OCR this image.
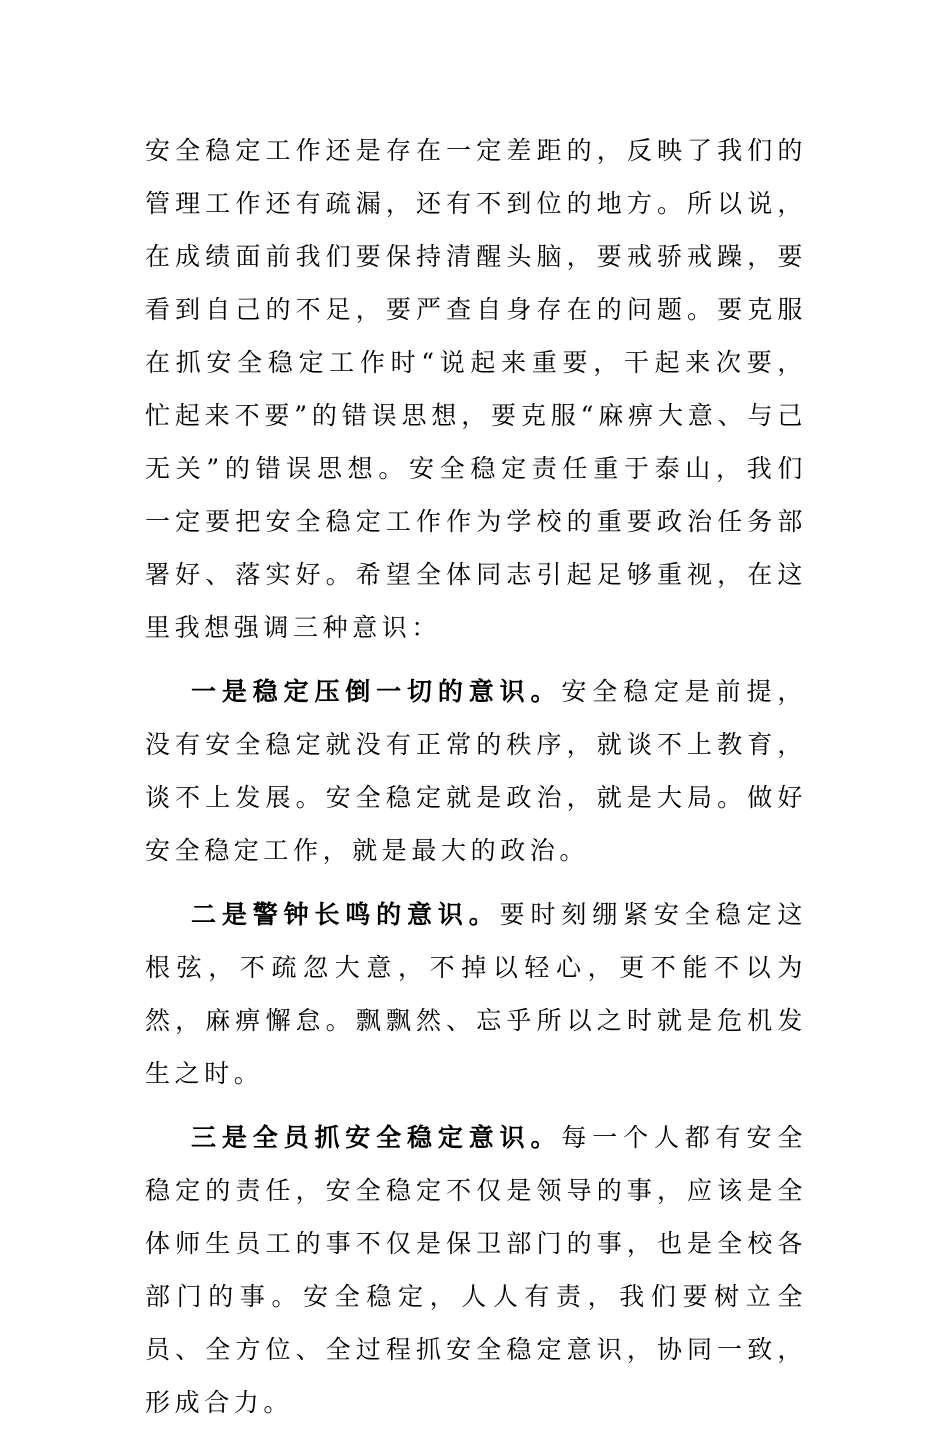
安全稳定工作还是存在一定差距的，反映了我们的管理工作还有疏漏，还有不到位的地方。所以说，在成绩面前我们要保持清醒头脑，要戒骄戒躁，要看到自己的不足，要严查自身存在的问题。要克服在抓安全稳定工作时“说起来重要，干起来次要，忙起来不要”的错误思想，要克服“麻痹大意、与己无关”的错误思想。安全稳定责任重于泰山，我们一定要把安全稳定工作作为学校的重要政治任务部署好、落实好。希望全体同志引起足够重视，在这里我想强调三种意识：

一是稳定压倒一切的意识。安全稳定是前提，没有安全稳定就没有正常的秩序，就谈不上教育，谈不上发展。安全稳定就是政治，就是大局。做好安全稳定工作，就是最大的政治。

二是警钟长鸣的意识。要时刻绷紧安全稳定这根弦，不疏忽大意，不掉以轻心，更不能不以为然，麻痹懈怠。飘飘然、忘乎所以之时就是危机发生之时。

三是全员抓安全稳定意识。每一个人都有安全稳定的责任，安全稳定不仅是领导的事，应该是全体师生员工的事不仅是保卫部门的事，也是全校各部门的事。安全稳定，人人有责，我们要树立全员、全方位、全过程抓安全稳定意识，协同一致，形成合力。
